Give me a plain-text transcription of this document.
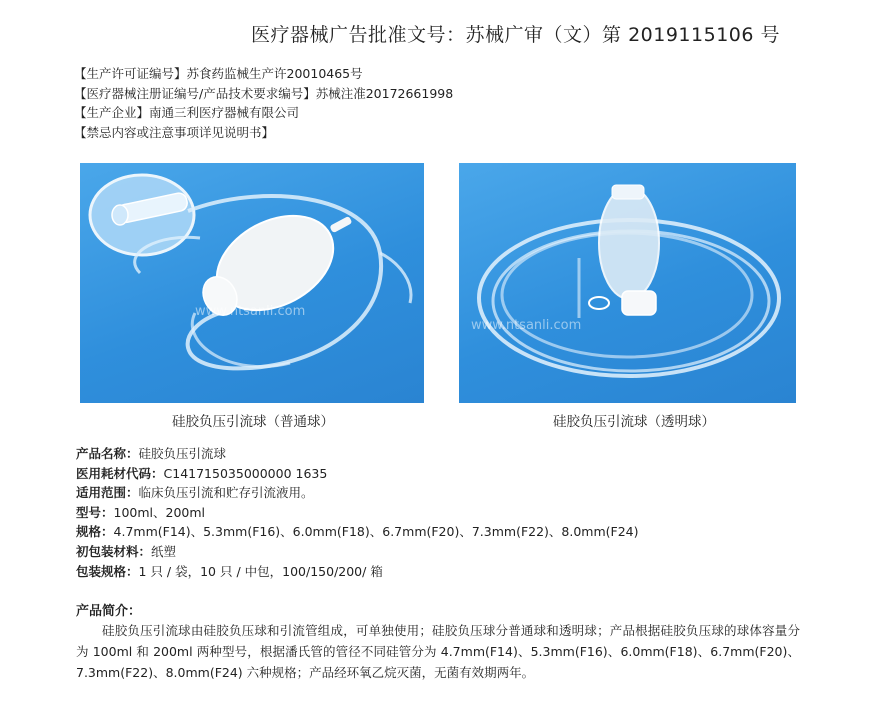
医疗器械广告批准文号：苏械广审（文）第 2019115106 号
【生产许可证编号】苏食药监械生产许20010465号
【医疗器械注册证编号/产品技术要求编号】苏械注准20172661998
【生产企业】南通三利医疗器械有限公司
【禁忌内容或注意事项详见说明书】
www.ntsanli.com
www.ntsanli.com
硅胶负压引流球（普通球）	硅胶负压引流球（透明球）
产品名称：硅胶负压引流球
医用耗材代码：C141715035000000 1635
适用范围：临床负压引流和贮存引流液用。
型号：100ml、200ml
规格：4.7mm(F14)、5.3mm(F16)、6.0mm(F18)、6.7mm(F20)、7.3mm(F22)、8.0mm(F24)
初包装材料：纸塑
包装规格：1 只 / 袋，10 只 / 中包，100/150/200/ 箱
产品简介：
硅胶负压引流球由硅胶负压球和引流管组成，可单独使用；硅胶负压球分普通球和透明球；产品根据硅胶负压球的球体容量分为 100ml 和 200ml 两种型号，根据潘氏管的管径不同硅管分为 4.7mm(F14)、5.3mm(F16)、6.0mm(F18)、6.7mm(F20)、7.3mm(F22)、8.0mm(F24) 六种规格；产品经环氧乙烷灭菌，无菌有效期两年。
